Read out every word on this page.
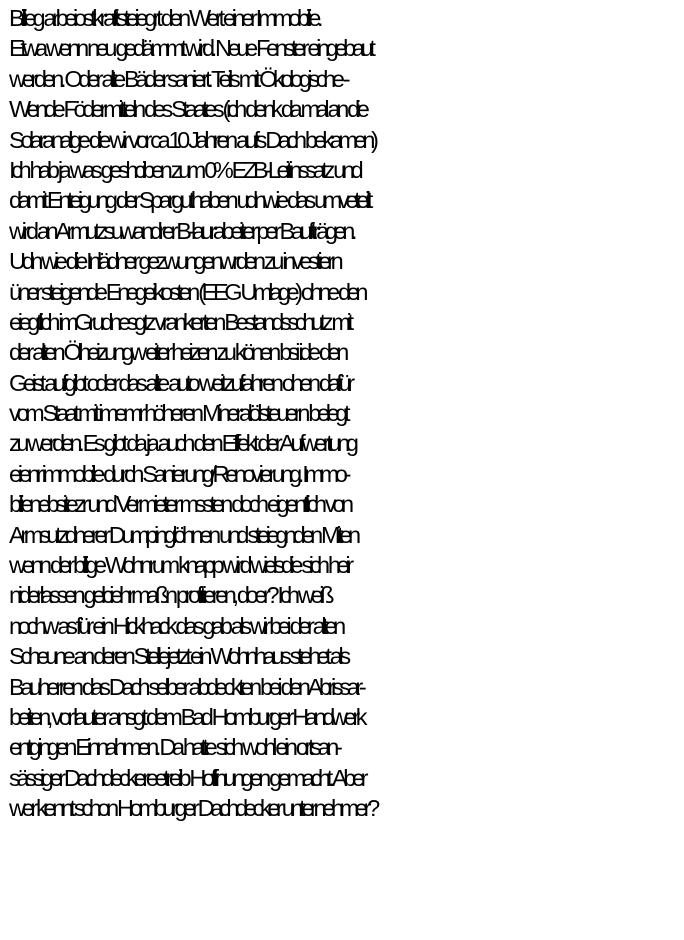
Billieg arbeiostkraftsteiegrt den Wert einer Immobilie.
Etwa wenn neu gedämmt wird. Neue Fenster eingebaut
werden. Oder alte Bäder saniert. Teils mit Ökologische -
Wende Födermitteln des Staates (ich denk da mal an die
Solaranalge die wir vor ca 10 Jahren aufs Dach bekamen)
Ich hab ja was geshciben zum 0% EZB-Leitinssatz und
damit Enteigung der Sparguthaben udnwie das umveteilt
wird an Armutzsuwandrer B-laurabeiter per Baufträgen.
Udn wie die Inlädner gezwungenwrden zu investiern
üner steigende Enegeikosten (EEG Umlage) ohne den
eiegtlich imGrudnesgtz vrankerten Bestandsschutz mit
der alten Ölheizungw eiter heizen zu könen bsi ide den
Geist aufgibt oder das alte auto weitzufahren ohen dafür
vom Staat mit imemr höheren Mineralölsteuern belegt
zu werden. Es gibt da ja auch den Effekt der Aufwertung
eienr immobile durch Sanierung/Renovierung. Immo-
bilienebsitezr und Vermieter mssten doch eigentlich von
Armsutzdnerer Dumpinglöhnen und steiegnden Miten
wenn der billige Wohnrum knapp wird wielsdie sich heir
niderlassen gelciehrmaßn profitieren, doer? Ich weiß
nochw as für ein Hickhack das gab als wir bei der alten
Scheune an deren Stellejetzt ein Wohnhaus stehet als
Bauherren das Dach selber abdeckten bei den Abrissar-
beiten, vor lauter ansgt dem Bad Homburger Handwerk
entgingen Einnahmen. Da hatte sich wohl ein ortsan-
sässiger Dachdeckereetreib Hoffnungen gemacht. Aber
wer kennt schon Homburger Dachdecker unternehmer?
